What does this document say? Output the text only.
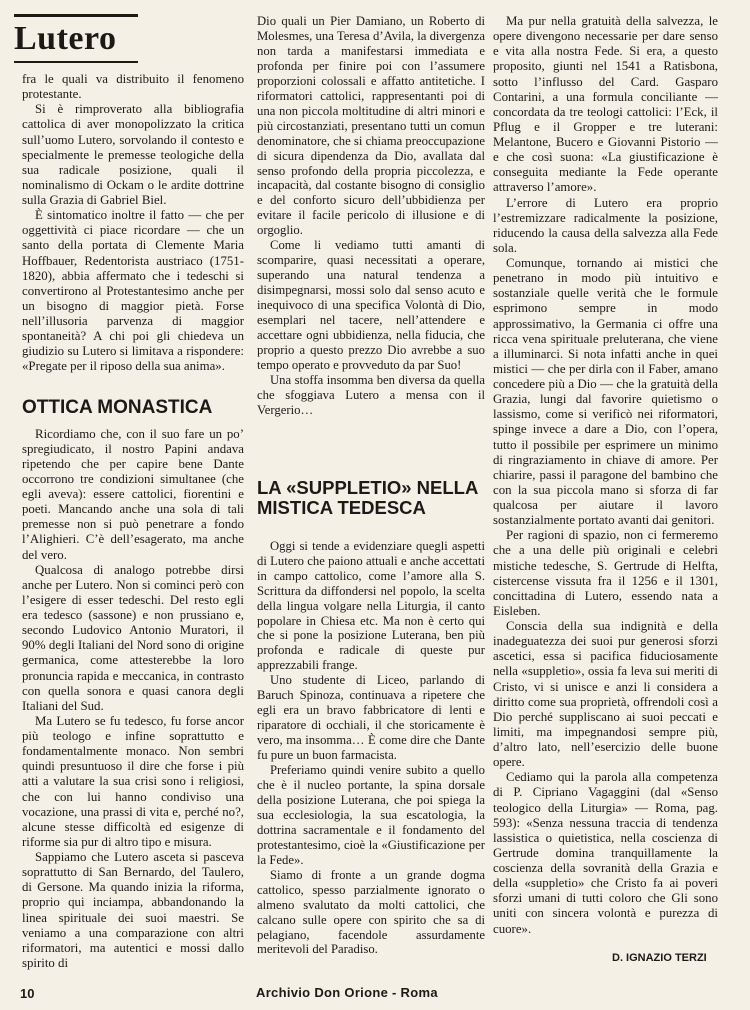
Lutero

fra le quali va distribuito il fenomeno protestante.

Si è rimproverato alla bibliografia cattolica di aver monopolizzato la critica sull’uomo Lutero, sorvolando il contesto e specialmente le premesse teologiche della sua radicale posizione, quali il nominalismo di Ockam o le ardite dottrine sulla Grazia di Gabriel Biel.

È sintomatico inoltre il fatto — che per oggettività ci piace ricordare — che un santo della portata di Clemente Maria Hoffbauer, Redentorista austriaco (1751-1820), abbia affermato che i tedeschi si convertirono al Protestantesimo anche per un bisogno di maggior pietà. Forse nell’illusoria parvenza di maggior spontaneità? A chi poi gli chiedeva un giudizio su Lutero si limitava a rispondere: «Pregate per il riposo della sua anima».

OTTICA MONASTICA

Ricordiamo che, con il suo fare un po’ spregiudicato, il nostro Papini andava ripetendo che per capire bene Dante occorrono tre condizioni simultanee (che egli aveva): essere cattolici, fiorentini e poeti. Mancando anche una sola di tali premesse non si può penetrare a fondo l’Alighieri. C’è dell’esagerato, ma anche del vero.

Qualcosa di analogo potrebbe dirsi anche per Lutero. Non si cominci però con l’esigere di esser tedeschi. Del resto egli era tedesco (sassone) e non prussiano e, secondo Ludovico Antonio Muratori, il 90% degli Italiani del Nord sono di origine germanica, come attesterebbe la loro pronuncia rapida e meccanica, in contrasto con quella sonora e quasi canora degli Italiani del Sud.

Ma Lutero se fu tedesco, fu forse ancor più teologo e infine soprattutto e fondamentalmente monaco. Non sembri quindi presuntuoso il dire che forse i più atti a valutare la sua crisi sono i religiosi, che con lui hanno condiviso una vocazione, una prassi di vita e, perché no?, alcune stesse difficoltà ed esigenze di riforme sia pur di altro tipo e misura.

Sappiamo che Lutero asceta si pasceva soprattutto di San Bernardo, del Taulero, di Gersone. Ma quando inizia la riforma, proprio qui inciampa, abbandonando la linea spirituale dei suoi maestri. Se veniamo a una comparazione con altri riformatori, ma autentici e mossi dallo spirito di

Dio quali un Pier Damiano, un Roberto di Molesmes, una Teresa d’Avila, la divergenza non tarda a manifestarsi immediata e profonda per finire poi con l’assumere proporzioni colossali e affatto antitetiche. I riformatori cattolici, rappresentanti poi di una non piccola moltitudine di altri minori e più circostanziati, presentano tutti un comun denominatore, che si chiama preoccupazione di sicura dipendenza da Dio, avallata dal senso profondo della propria piccolezza, e incapacità, dal costante bisogno di consiglio e del conforto sicuro dell’ubbidienza per evitare il facile pericolo di illusione e di orgoglio.

Come li vediamo tutti amanti di scomparire, quasi necessitati a operare, superando una natural tendenza a disimpegnarsi, mossi solo dal senso acuto e inequivoco di una specifica Volontà di Dio, esemplari nel tacere, nell’attendere e accettare ogni ubbidienza, nella fiducia, che proprio a questo prezzo Dio avrebbe a suo tempo operato e provveduto da par Suo!

Una stoffa insomma ben diversa da quella che sfoggiava Lutero a mensa con il Vergerio…

LA «SUPPLETIO» NELLA MISTICA TEDESCA

Oggi si tende a evidenziare quegli aspetti di Lutero che paiono attuali e anche accettati in campo cattolico, come l’amore alla S. Scrittura da diffondersi nel popolo, la scelta della lingua volgare nella Liturgia, il canto popolare in Chiesa etc. Ma non è certo qui che si pone la posizione Luterana, ben più profonda e radicale di queste pur apprezzabili frange.

Uno studente di Liceo, parlando di Baruch Spinoza, continuava a ripetere che egli era un bravo fabbricatore di lenti e riparatore di occhiali, il che storicamente è vero, ma insomma… È come dire che Dante fu pure un buon farmacista.

Preferiamo quindi venire subito a quello che è il nucleo portante, la spina dorsale della posizione Luterana, che poi spiega la sua ecclesiologia, la sua escatologia, la dottrina sacramentale e il fondamento del protestantesimo, cioè la «Giustificazione per la Fede».

Siamo di fronte a un grande dogma cattolico, spesso parzialmente ignorato o almeno svalutato da molti cattolici, che calcano sulle opere con spirito che sa di pelagiano, facendole assurdamente meritevoli del Paradiso.

Ma pur nella gratuità della salvezza, le opere divengono necessarie per dare senso e vita alla nostra Fede. Si era, a questo proposito, giunti nel 1541 a Ratisbona, sotto l’influsso del Card. Gasparo Contarini, a una formula conciliante — concordata da tre teologi cattolici: l’Eck, il Pflug e il Gropper e tre luterani: Melantone, Bucero e Giovanni Pistorio — e che così suona: «La giustificazione è conseguita mediante la Fede operante attraverso l’amore».

L’errore di Lutero era proprio l’estremizzare radicalmente la posizione, riducendo la causa della salvezza alla Fede sola.

Comunque, tornando ai mistici che penetrano in modo più intuitivo e sostanziale quelle verità che le formule esprimono sempre in modo approssimativo, la Germania ci offre una ricca vena spirituale preluterana, che viene a illuminarci. Si nota infatti anche in quei mistici — che per dirla con il Faber, amano concedere più a Dio — che la gratuità della Grazia, lungi dal favorire quietismo o lassismo, come si verificò nei riformatori, spinge invece a dare a Dio, con l’opera, tutto il possibile per esprimere un minimo di ringraziamento in chiave di amore. Per chiarire, passi il paragone del bambino che con la sua piccola mano si sforza di far qualcosa per aiutare il lavoro sostanzialmente portato avanti dai genitori.

Per ragioni di spazio, non ci fermeremo che a una delle più originali e celebri mistiche tedesche, S. Gertrude di Helfta, cistercense vissuta fra il 1256 e il 1301, concittadina di Lutero, essendo nata a Eisleben.

Conscia della sua indignità e della inadeguatezza dei suoi pur generosi sforzi ascetici, essa si pacifica fiduciosamente nella «suppletio», ossia fa leva sui meriti di Cristo, vi si unisce e anzi li considera a diritto come sua proprietà, offrendoli così a Dio perché suppliscano ai suoi peccati e limiti, ma impegnandosi sempre più, d’altro lato, nell’esercizio delle buone opere.

Cediamo qui la parola alla competenza di P. Cipriano Vagaggini (dal «Senso teologico della Liturgia» — Roma, pag. 593): «Senza nessuna traccia di tendenza lassistica o quietistica, nella coscienza di Gertrude domina tranquillamente la coscienza della sovranità della Grazia e della «suppletio» che Cristo fa ai poveri sforzi umani di tutti coloro che Gli sono uniti con sincera volontà e purezza di cuore».

D. IGNAZIO TERZI
10	Archivio Don Orione - Roma
